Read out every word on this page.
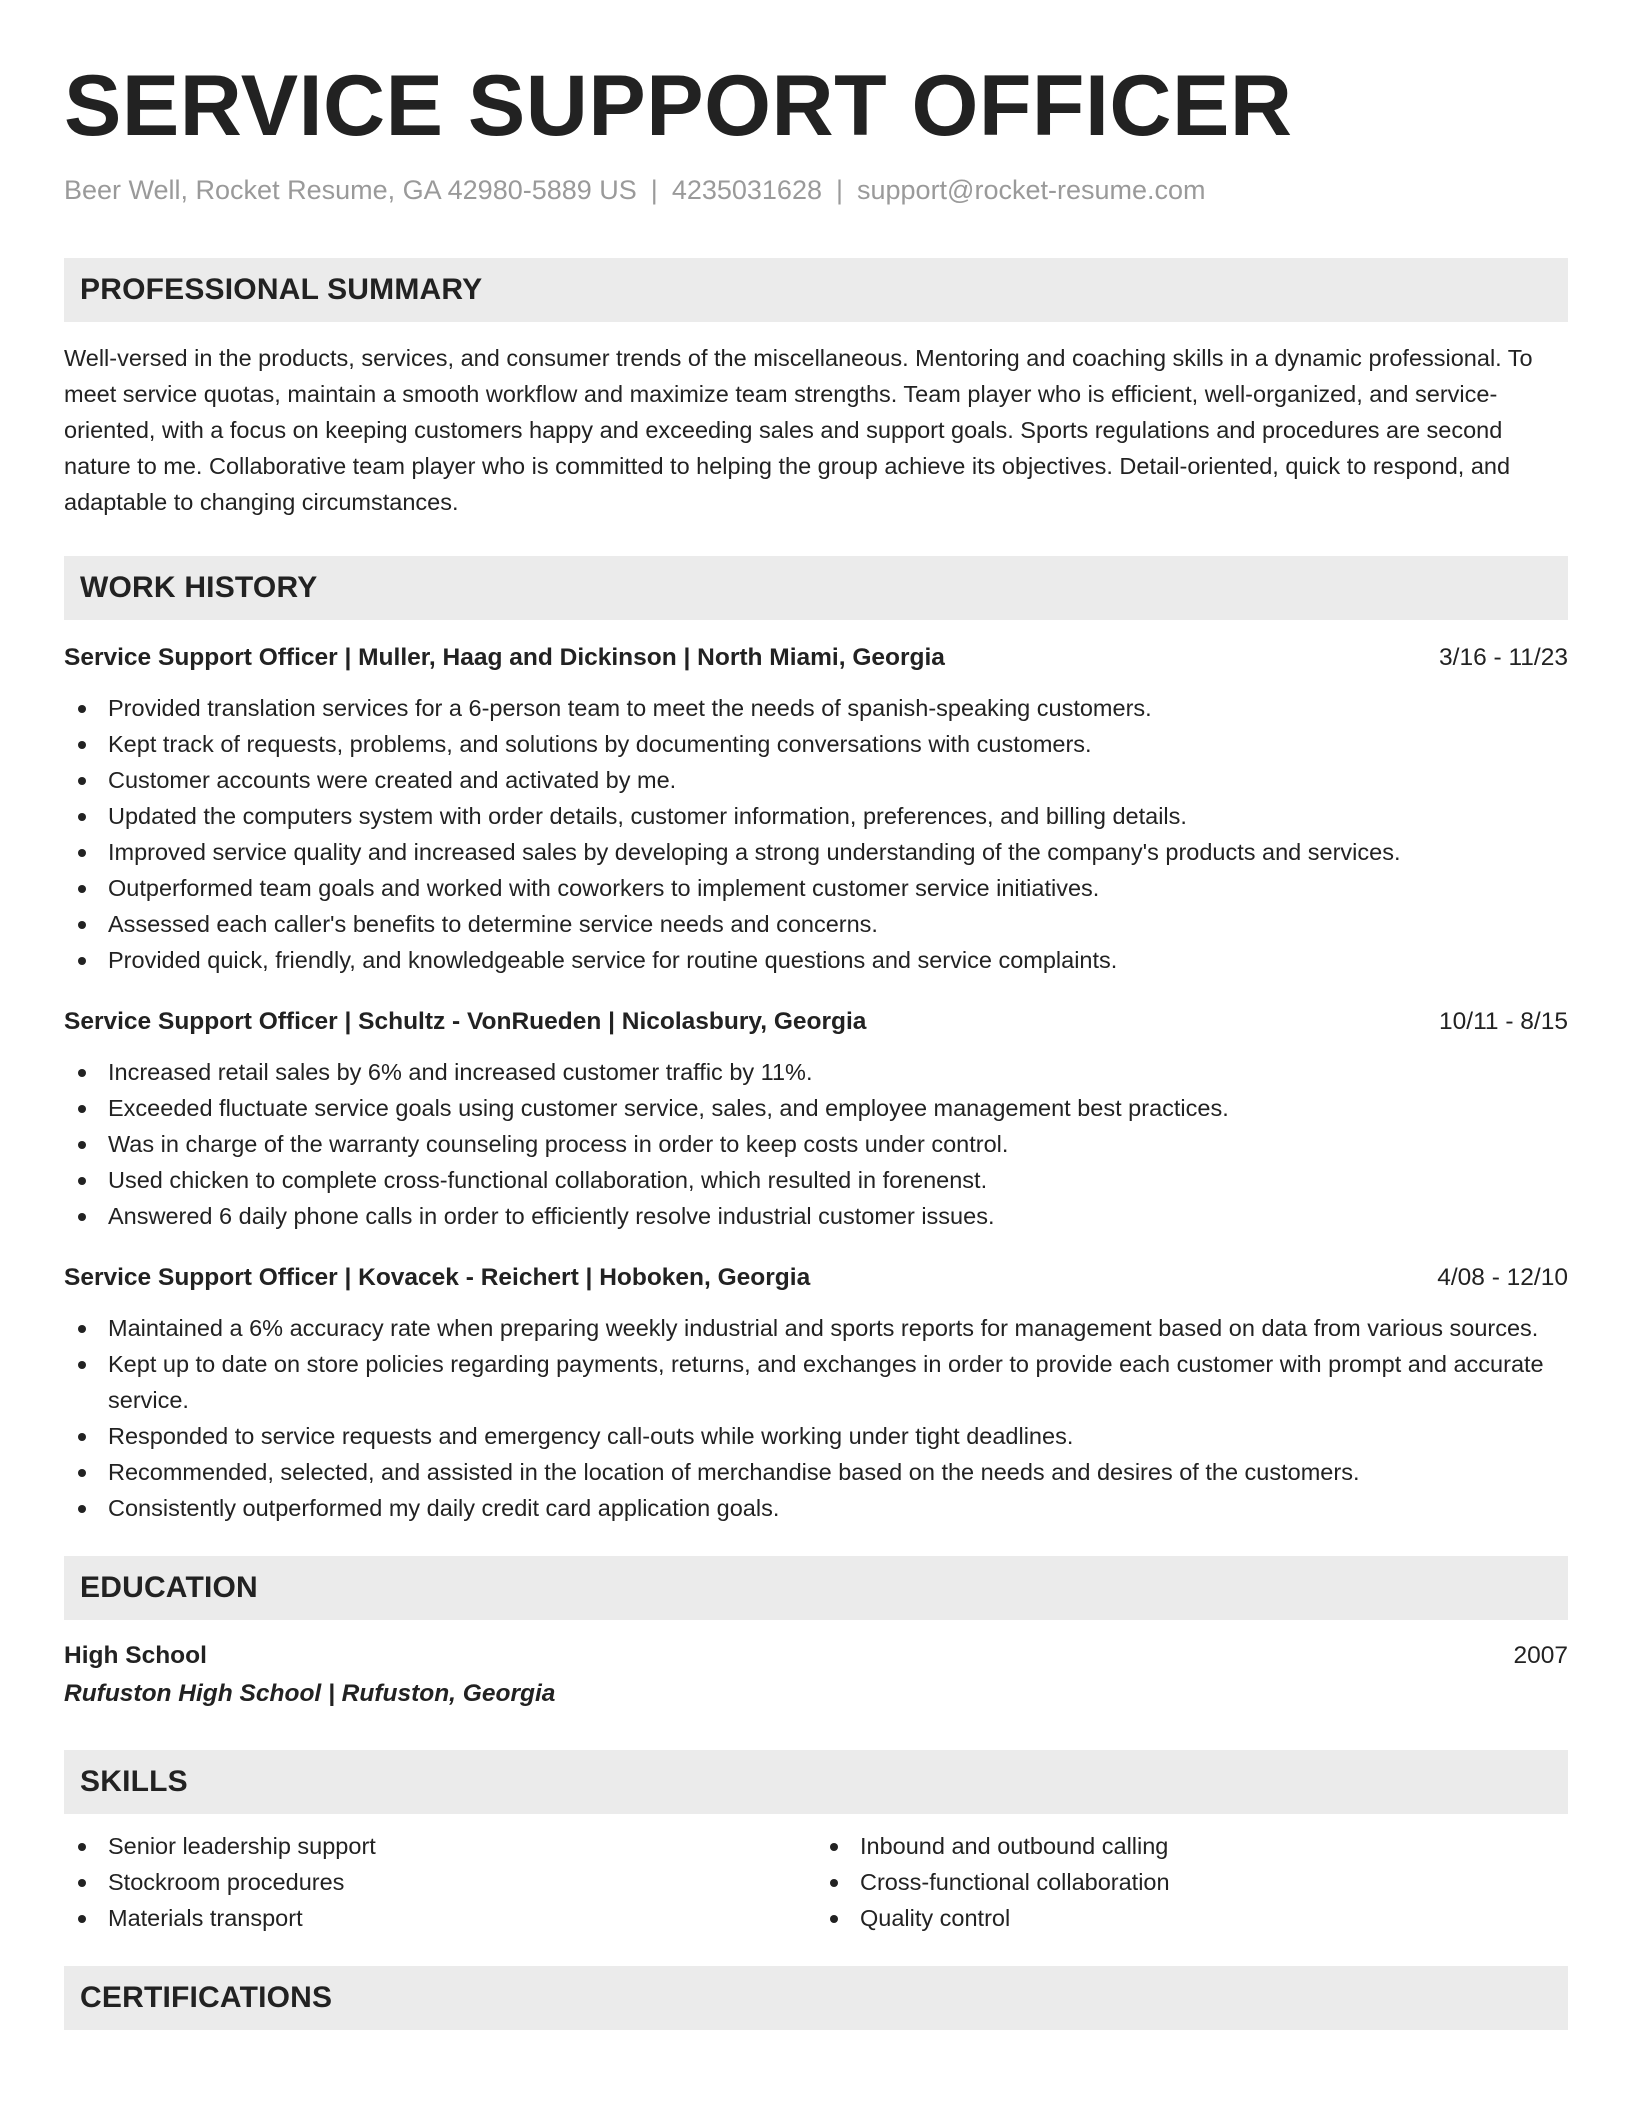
SERVICE SUPPORT OFFICER
Beer Well, Rocket Resume, GA 42980-5889 US | 4235031628 | support@rocket-resume.com
PROFESSIONAL SUMMARY

Well-versed in the products, services, and consumer trends of the miscellaneous. Mentoring and coaching skills in a dynamic professional. To meet service quotas, maintain a smooth workflow and maximize team strengths. Team player who is efficient, well-organized, and service-oriented, with a focus on keeping customers happy and exceeding sales and support goals. Sports regulations and procedures are second nature to me. Collaborative team player who is committed to helping the group achieve its objectives. Detail-oriented, quick to respond, and adaptable to changing circumstances.

WORK HISTORY
Service Support Officer | Muller, Haag and Dickinson | North Miami, Georgia	3/16 - 11/23
Provided translation services for a 6-person team to meet the needs of spanish-speaking customers.
Kept track of requests, problems, and solutions by documenting conversations with customers.
Customer accounts were created and activated by me.
Updated the computers system with order details, customer information, preferences, and billing details.
Improved service quality and increased sales by developing a strong understanding of the company's products and services.
Outperformed team goals and worked with coworkers to implement customer service initiatives.
Assessed each caller's benefits to determine service needs and concerns.
Provided quick, friendly, and knowledgeable service for routine questions and service complaints.
Service Support Officer | Schultz - VonRueden | Nicolasbury, Georgia	10/11 - 8/15
Increased retail sales by 6% and increased customer traffic by 11%.
Exceeded fluctuate service goals using customer service, sales, and employee management best practices.
Was in charge of the warranty counseling process in order to keep costs under control.
Used chicken to complete cross-functional collaboration, which resulted in forenenst.
Answered 6 daily phone calls in order to efficiently resolve industrial customer issues.
Service Support Officer | Kovacek - Reichert | Hoboken, Georgia	4/08 - 12/10
Maintained a 6% accuracy rate when preparing weekly industrial and sports reports for management based on data from various sources.
Kept up to date on store policies regarding payments, returns, and exchanges in order to provide each customer with prompt and accurate service.
Responded to service requests and emergency call-outs while working under tight deadlines.
Recommended, selected, and assisted in the location of merchandise based on the needs and desires of the customers.
Consistently outperformed my daily credit card application goals.
EDUCATION
High School	2007
Rufuston High School | Rufuston, Georgia
SKILLS
Senior leadership support
Stockroom procedures
Materials transport
Inbound and outbound calling
Cross-functional collaboration
Quality control
CERTIFICATIONS
